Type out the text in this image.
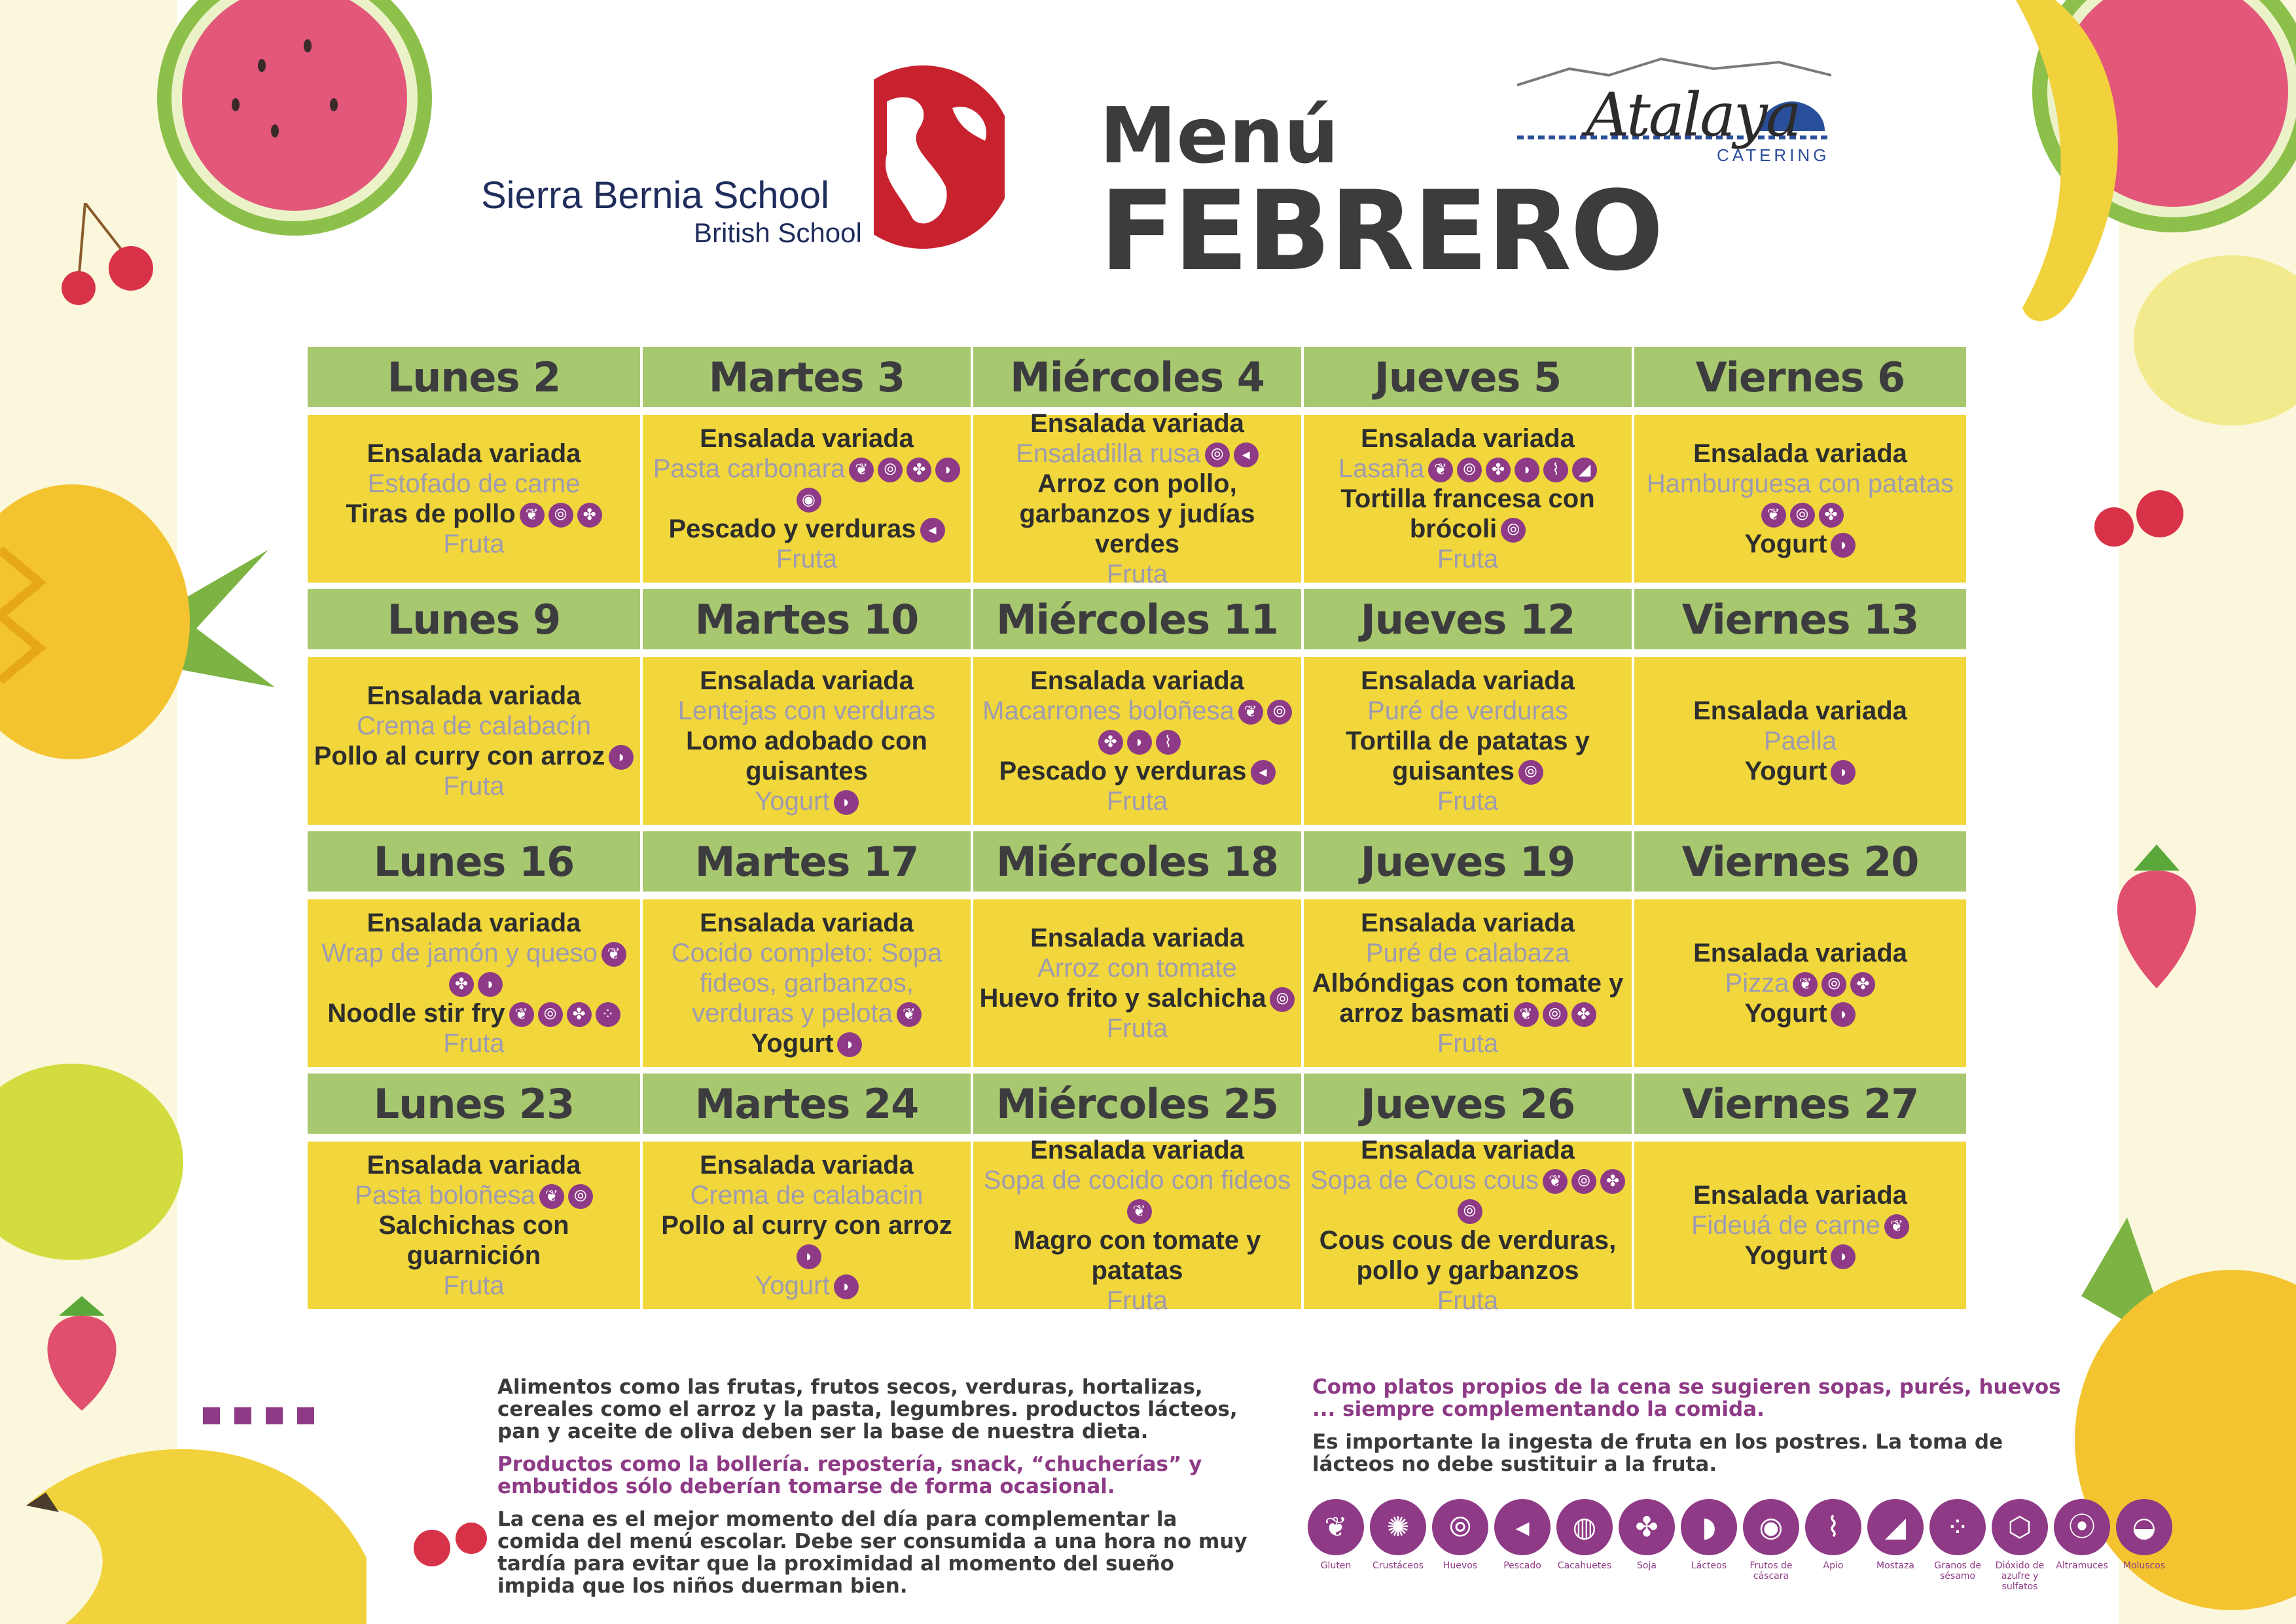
Sierra Bernia School
British School
Menú
FEBRERO
Atalaya
CATERING
Lunes 2
Ensalada variada
Estofado de carne
Tiras de pollo ❦ ⦾ ✤
Fruta
Martes 3
Ensalada variada
Pasta carbonara ❦ ⦾ ✤ ◗◉
Pescado y verduras ◂
Fruta
Miércoles 4
Ensalada variada
Ensaladilla rusa ⦾ ◂
Arroz con pollo, garbanzos y judías verdes
Fruta
Jueves 5
Ensalada variada
Lasaña ❦ ⦾ ✤ ◗ ⌇ ◢
Tortilla francesa con brócoli ⦾
Fruta
Viernes 6
Ensalada variada
Hamburguesa con patatas❦ ⦾ ✤
Yogurt ◗
Lunes 9
Ensalada variada
Crema de calabacín
Pollo al curry con arroz ◗
Fruta
Martes 10
Ensalada variada
Lentejas con verduras
Lomo adobado con guisantes
Yogurt ◗
Miércoles 11
Ensalada variada
Macarrones boloñesa ❦ ⦾✤ ◗ ⌇
Pescado y verduras ◂
Fruta
Jueves 12
Ensalada variada
Puré de verduras
Tortilla de patatas y guisantes ⦾
Fruta
Viernes 13
Ensalada variada
Paella
Yogurt ◗
Lunes 16
Ensalada variada
Wrap de jamón y queso ❦✤ ◗
Noodle stir fry ❦ ⦾ ✤ ⁘
Fruta
Martes 17
Ensalada variada
Cocido completo: Sopa fideos, garbanzos, verduras y pelota ❦
Yogurt ◗
Miércoles 18
Ensalada variada
Arroz con tomate
Huevo frito y salchicha ⦾
Fruta
Jueves 19
Ensalada variada
Puré de calabaza
Albóndigas con tomate y arroz basmati ❦ ⦾ ✤
Fruta
Viernes 20
Ensalada variada
Pizza ❦ ⦾ ✤
Yogurt ◗
Lunes 23
Ensalada variada
Pasta boloñesa ❦ ⦾
Salchichas con guarnición
Fruta
Martes 24
Ensalada variada
Crema de calabacin
Pollo al curry con arroz◗
Yogurt ◗
Miércoles 25
Ensalada variada
Sopa de cocido con fideos❦
Magro con tomate y patatas
Fruta
Jueves 26
Ensalada variada
Sopa de Cous cous ❦ ⦾ ✤⦾
Cous cous de verduras, pollo y garbanzos
Fruta
Viernes 27
Ensalada variada
Fideuá de carne ❦
Yogurt ◗
Alimentos como las frutas, frutos secos, verduras, hortalizas, cereales como el arroz y la pasta, legumbres. productos lácteos, pan y aceite de oliva deben ser la base de nuestra dieta.
Productos como la bollería. repostería, snack, “chucherías” y embutidos sólo deberían tomarse de forma ocasional.
La cena es el mejor momento del día para complementar la comida del menú escolar. Debe ser consumida a una hora no muy tardía para evitar que la proximidad al momento del sueño impida que los niños duerman bien.
Como platos propios de la cena se sugieren sopas, purés, huevos ... siempre complementando la comida.
Es importante la ingesta de fruta en los postres. La toma de lácteos no debe sustituir a la fruta.
❦
Gluten
✺
Crustáceos
⦾
Huevos
◂
Pescado
◍
Cacahuetes
✤
Soja
◗
Lácteos
◉
Frutos de cáscara
⌇
Apio
◢
Mostaza
⁘
Granos de sésamo
⬡
Dióxido de azufre y sulfatos
⦿
Altramuces
◒
Moluscos
